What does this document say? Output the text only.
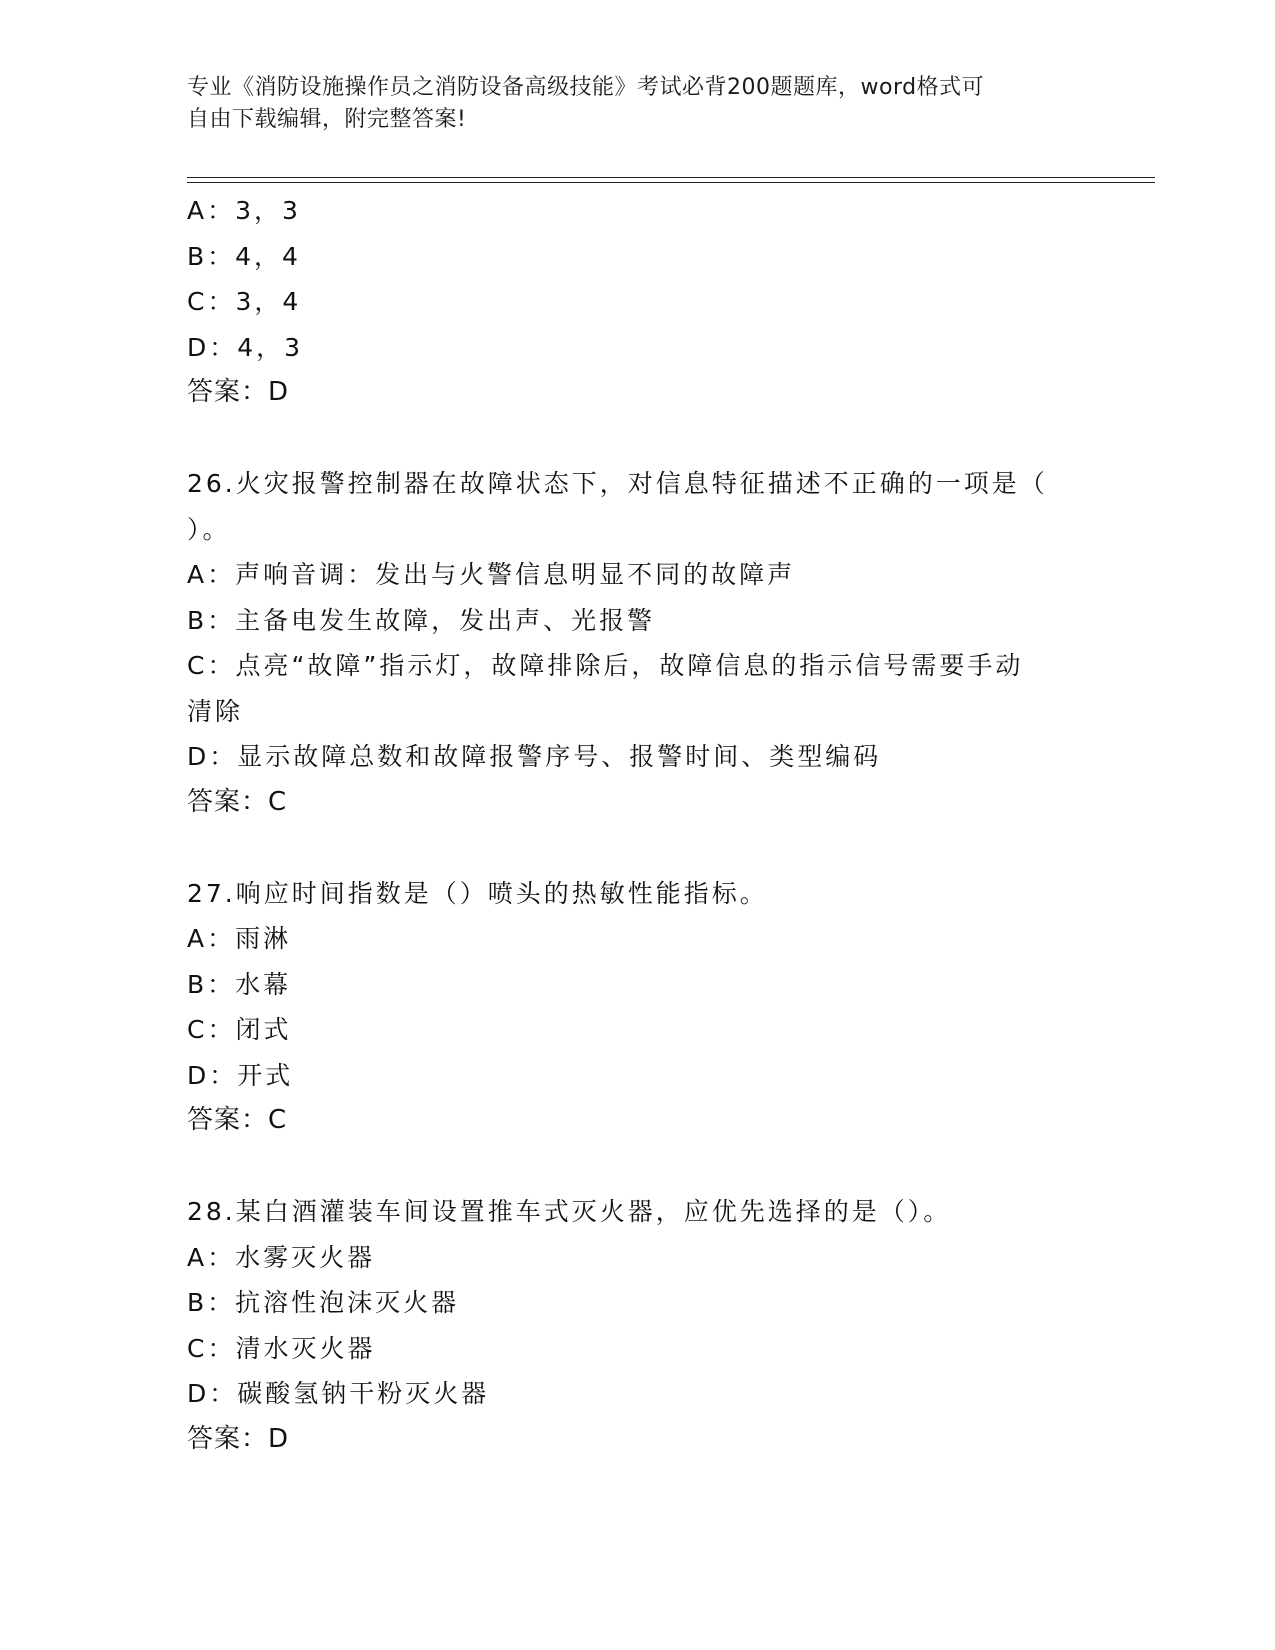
专业《消防设施操作员之消防设备高级技能》考试必背200题题库，word格式可
自由下载编辑，附完整答案!
A：3，3
B：4，4
C：3，4
D：4，3
答案：D
26.火灾报警控制器在故障状态下，对信息特征描述不正确的一项是（
）。
A：声响音调：发出与火警信息明显不同的故障声
B：主备电发生故障，发出声、光报警
C：点亮“故障”指示灯，故障排除后，故障信息的指示信号需要手动
清除
D：显示故障总数和故障报警序号、报警时间、类型编码
答案：C
27.响应时间指数是（）喷头的热敏性能指标。
A：雨淋
B：水幕
C：闭式
D：开式
答案：C
28.某白酒灌装车间设置推车式灭火器，应优先选择的是（）。
A：水雾灭火器
B：抗溶性泡沫灭火器
C：清水灭火器
D：碳酸氢钠干粉灭火器
答案：D
